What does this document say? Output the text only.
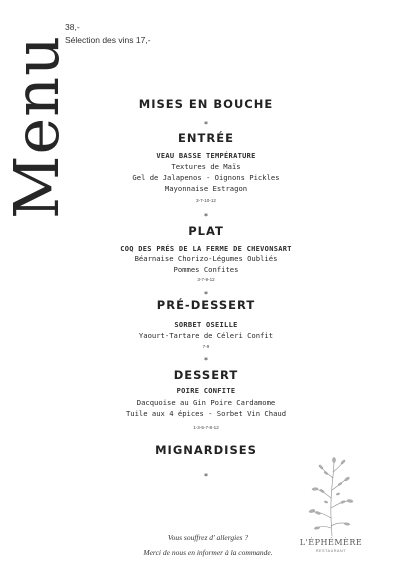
Menu
38,-
Sélection des vins 17,-
MISES EN BOUCHE
*
ENTRÉE
VEAU BASSE TEMPÉRATURE
Textures de Maïs
Gel de Jalapenos - Oignons Pickles
Mayonnaise Estragon
3-7-10-12
*
PLAT
COQ DES PRÉS DE LA FERME DE CHEVONSART
Béarnaise Chorizo-Légumes Oubliés
Pommes Confites
3-7-9-12
*
PRÉ-DESSERT
SORBET OSEILLE
Yaourt-Tartare de Céleri Confit
7-9
*
DESSERT
POIRE CONFITE
Dacquoise au Gin Poire Cardamome
Tuile aux 4 épices - Sorbet Vin Chaud
1-3-5-7-8-12
MIGNARDISES
*
Vous souffrez d' allergies ?
Merci de nous en informer à la commande.
L'ÉPHÉMÈRE
RESTAURANT
